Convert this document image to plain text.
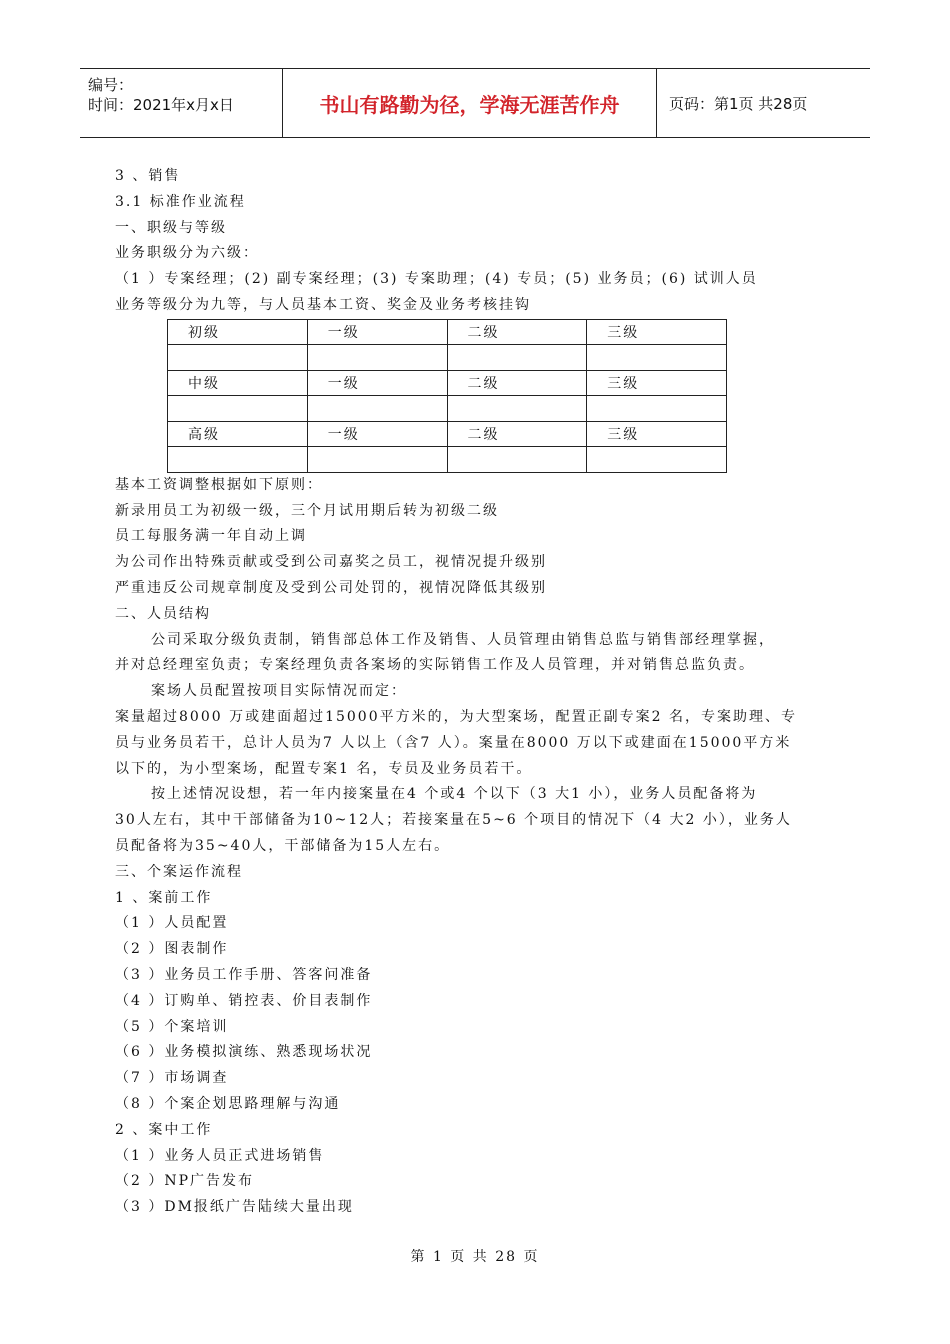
编号：
时间：2021年x月x日	书山有路勤为径，学海无涯苦作舟	页码：第1页 共28页
3 、销售
3.1 标准作业流程
一、职级与等级
业务职级分为六级：
（1 ）专案经理；(2) 副专案经理；(3) 专案助理；(4) 专员；(5) 业务员；(6) 试训人员
业务等级分为九等，与人员基本工资、奖金及业务考核挂钩
初级	一级	二级	三级

中级	一级	二级	三级

高级	一级	二级	三级

基本工资调整根据如下原则：
新录用员工为初级一级，三个月试用期后转为初级二级
员工每服务满一年自动上调
为公司作出特殊贡献或受到公司嘉奖之员工，视情况提升级别
严重违反公司规章制度及受到公司处罚的，视情况降低其级别
二、人员结构
公司采取分级负责制，销售部总体工作及销售、人员管理由销售总监与销售部经理掌握，
并对总经理室负责；专案经理负责各案场的实际销售工作及人员管理，并对销售总监负责。
案场人员配置按项目实际情况而定：
案量超过8000 万或建面超过15000平方米的，为大型案场，配置正副专案2 名，专案助理、专
员与业务员若干，总计人员为7 人以上（含7 人）。案量在8000 万以下或建面在15000平方米
以下的，为小型案场，配置专案1 名，专员及业务员若干。
按上述情况设想，若一年内接案量在4 个或4 个以下（3 大1 小），业务人员配备将为
30人左右，其中干部储备为10~12人；若接案量在5~6 个项目的情况下（4 大2 小），业务人
员配备将为35~40人，干部储备为15人左右。
三、个案运作流程
1 、案前工作
（1 ）人员配置
（2 ）图表制作
（3 ）业务员工作手册、答客问准备
（4 ）订购单、销控表、价目表制作
（5 ）个案培训
（6 ）业务模拟演练、熟悉现场状况
（7 ）市场调查
（8 ）个案企划思路理解与沟通
2 、案中工作
（1 ）业务人员正式进场销售
（2 ）NP广告发布
（3 ）DM报纸广告陆续大量出现
第 1 页 共 28 页
